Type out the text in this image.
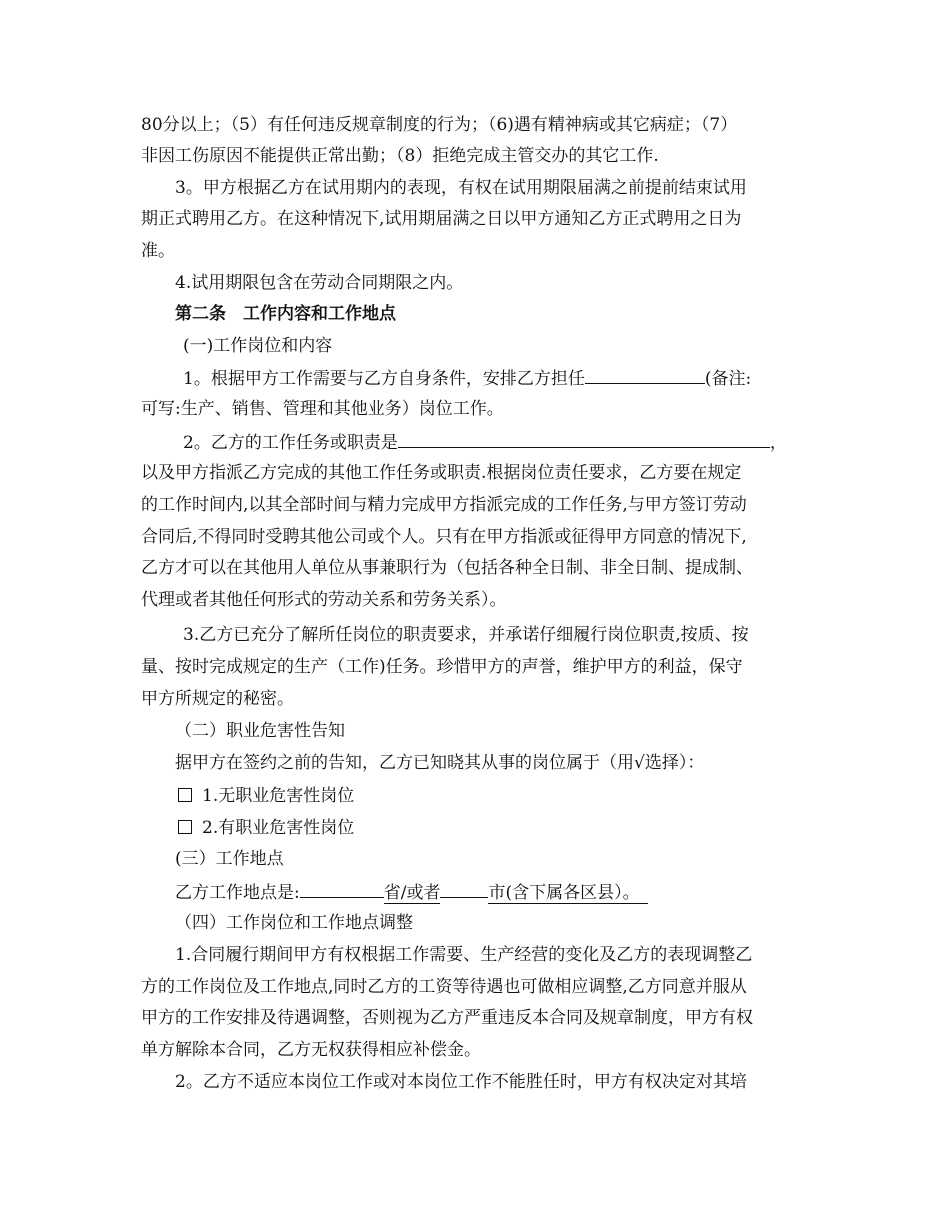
80分以上；（5）有任何违反规章制度的行为；（6)遇有精神病或其它病症；（7）
非因工伤原因不能提供正常出勤；（8）拒绝完成主管交办的其它工作.
3。甲方根据乙方在试用期内的表现，有权在试用期限届满之前提前结束试用
期正式聘用乙方。在这种情况下,试用期届满之日以甲方通知乙方正式聘用之日为
准。
4.试用期限包含在劳动合同期限之内。
第二条　工作内容和工作地点
(一)工作岗位和内容
1。根据甲方工作需要与乙方自身条件，安排乙方担任	(备注:
可写:生产、销售、管理和其他业务）岗位工作。
2。乙方的工作任务或职责是	，
以及甲方指派乙方完成的其他工作任务或职责.根据岗位责任要求，乙方要在规定
的工作时间内,以其全部时间与精力完成甲方指派完成的工作任务,与甲方签订劳动
合同后,不得同时受聘其他公司或个人。只有在甲方指派或征得甲方同意的情况下,
乙方才可以在其他用人单位从事兼职行为（包括各种全日制、非全日制、提成制、
代理或者其他任何形式的劳动关系和劳务关系）。
3.乙方已充分了解所任岗位的职责要求，并承诺仔细履行岗位职责,按质、按
量、按时完成规定的生产（工作)任务。珍惜甲方的声誉，维护甲方的利益，保守
甲方所规定的秘密。
（二）职业危害性告知
据甲方在签约之前的告知，乙方已知晓其从事的岗位属于（用√选择）：
1.无职业危害性岗位
2.有职业危害性岗位
(三）工作地点
乙方工作地点是:	省/或者	市(含下属各区县）。
（四）工作岗位和工作地点调整
1.合同履行期间甲方有权根据工作需要、生产经营的变化及乙方的表现调整乙
方的工作岗位及工作地点,同时乙方的工资等待遇也可做相应调整,乙方同意并服从
甲方的工作安排及待遇调整，否则视为乙方严重违反本合同及规章制度，甲方有权
单方解除本合同，乙方无权获得相应补偿金。
2。乙方不适应本岗位工作或对本岗位工作不能胜任时，甲方有权决定对其培
